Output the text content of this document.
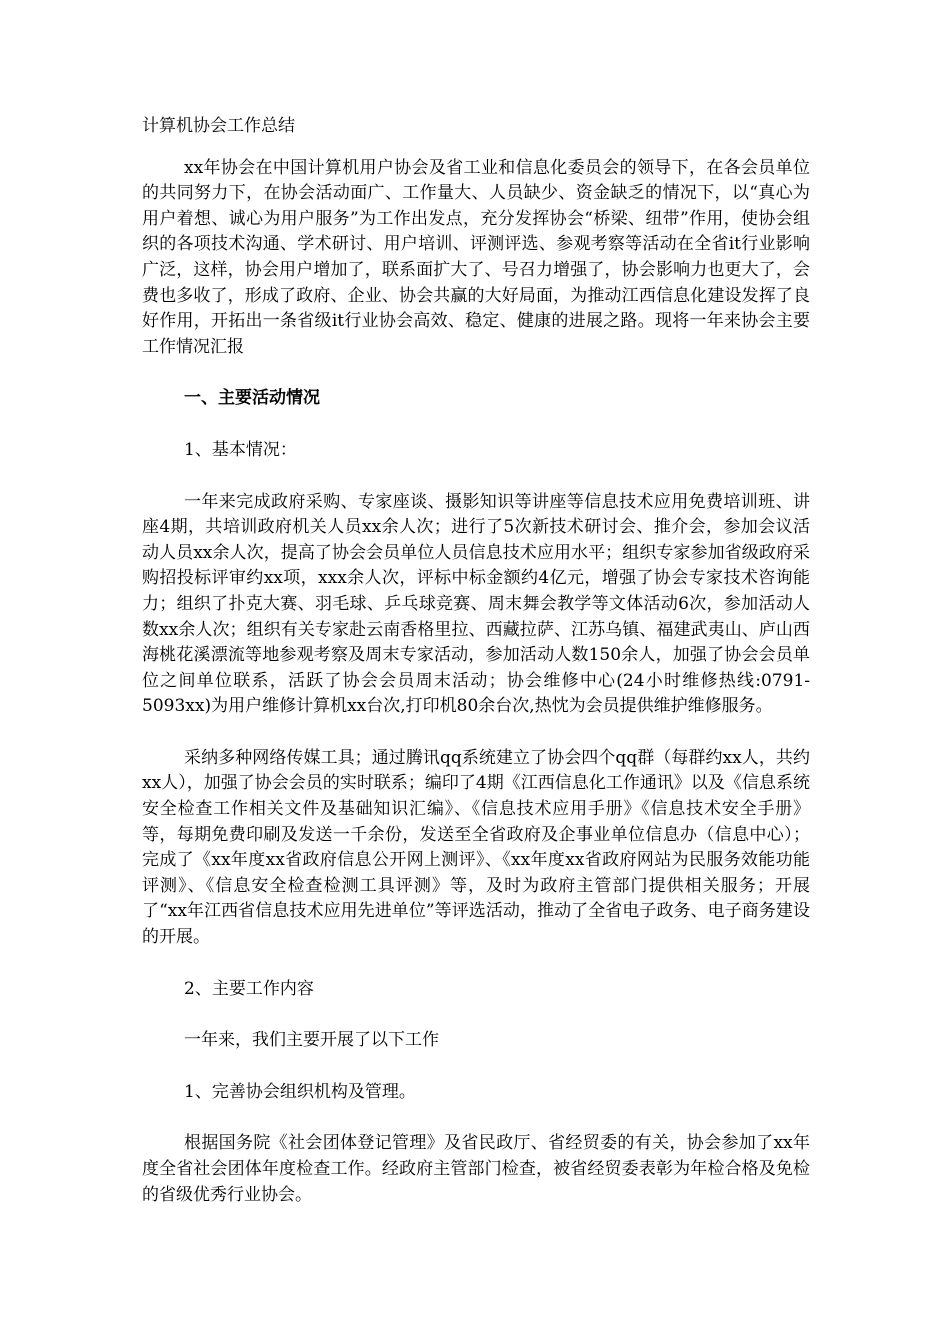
计算机协会工作总结

xx年协会在中国计算机用户协会及省工业和信息化委员会的领导下，在各会员单位的共同努力下，在协会活动面广、工作量大、人员缺少、资金缺乏的情况下，以“真心为用户着想、诚心为用户服务”为工作出发点，充分发挥协会“桥梁、纽带”作用，使协会组织的各项技术沟通、学术研讨、用户培训、评测评选、参观考察等活动在全省it行业影响广泛，这样，协会用户增加了，联系面扩大了、号召力增强了，协会影响力也更大了，会费也多收了，形成了政府、企业、协会共赢的大好局面，为推动江西信息化建设发挥了良好作用，开拓出一条省级it行业协会高效、稳定、健康的进展之路。现将一年来协会主要工作情况汇报

一、主要活动情况

1、基本情况：

一年来完成政府采购、专家座谈、摄影知识等讲座等信息技术应用免费培训班、讲座4期，共培训政府机关人员xx余人次；进行了5次新技术研讨会、推介会，参加会议活动人员xx余人次，提高了协会会员单位人员信息技术应用水平；组织专家参加省级政府采购招投标评审约xx项，xxx余人次，评标中标金额约4亿元，增强了协会专家技术咨询能力；组织了扑克大赛、羽毛球、乒乓球竞赛、周末舞会教学等文体活动6次，参加活动人数xx余人次；组织有关专家赴云南香格里拉、西藏拉萨、江苏乌镇、福建武夷山、庐山西海桃花溪漂流等地参观考察及周末专家活动，参加活动人数150余人，加强了协会会员单位之间单位联系，活跃了协会会员周末活动；协会维修中心(24小时维修热线:0791-5093xx)为用户维修计算机xx台次,打印机80余台次,热忱为会员提供维护维修服务。

采纳多种网络传媒工具；通过腾讯qq系统建立了协会四个qq群（每群约xx人，共约xx人），加强了协会会员的实时联系；编印了4期《江西信息化工作通讯》以及《信息系统安全检查工作相关文件及基础知识汇编》、《信息技术应用手册》《信息技术安全手册》等，每期免费印刷及发送一千余份，发送至全省政府及企事业单位信息办（信息中心）；完成了《xx年度xx省政府信息公开网上测评》、《xx年度xx省政府网站为民服务效能功能评测》、《信息安全检查检测工具评测》等，及时为政府主管部门提供相关服务；开展了“xx年江西省信息技术应用先进单位”等评选活动，推动了全省电子政务、电子商务建设的开展。

2、主要工作内容

一年来，我们主要开展了以下工作

1、完善协会组织机构及管理。

根据国务院《社会团体登记管理》及省民政厅、省经贸委的有关，协会参加了xx年度全省社会团体年度检查工作。经政府主管部门检查，被省经贸委表彰为年检合格及免检的省级优秀行业协会。
